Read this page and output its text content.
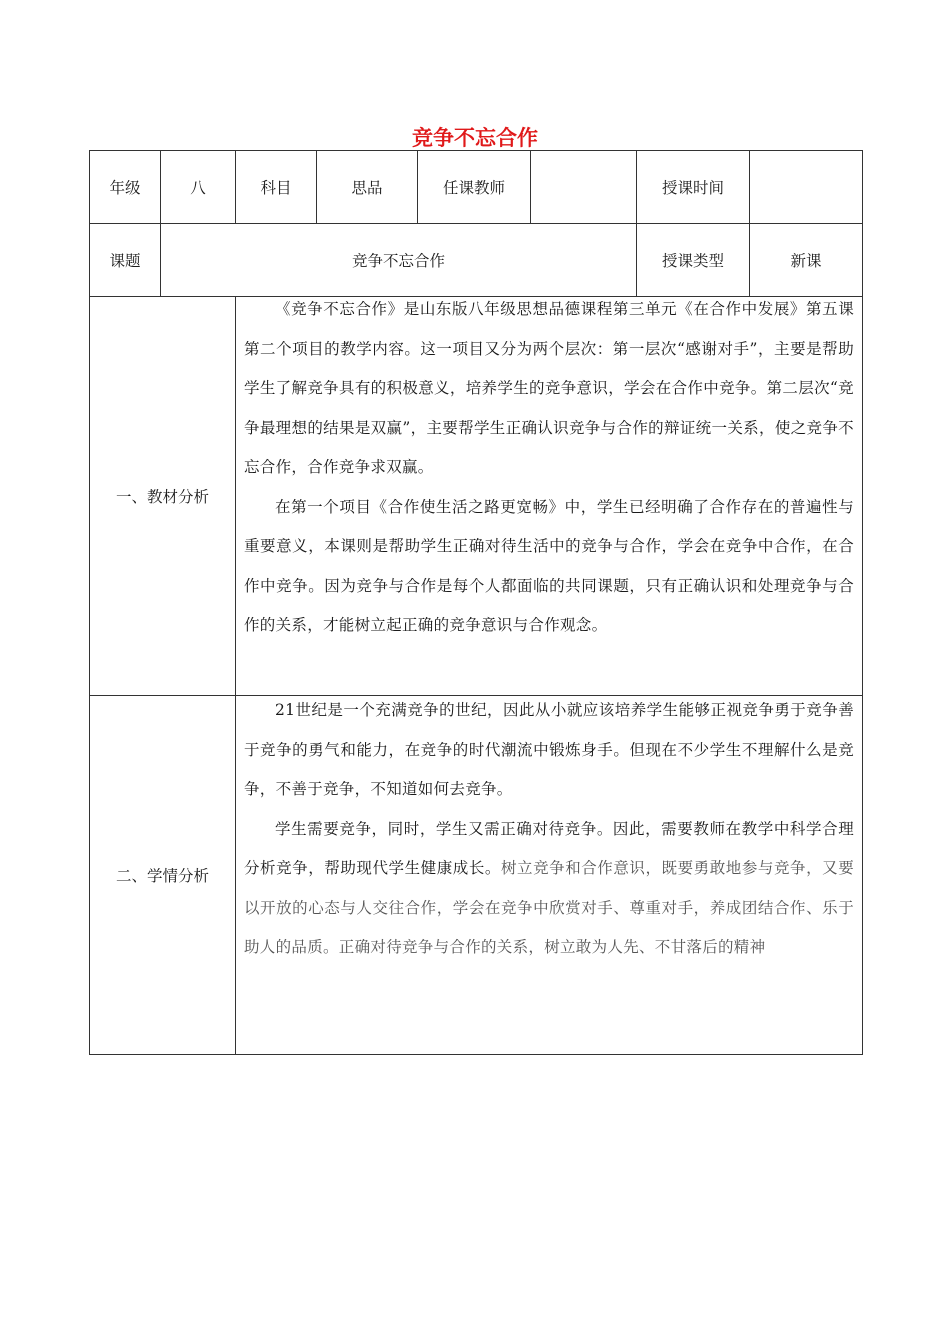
竞争不忘合作
年级	八	科目	思品	任课教师		授课时间	
课题	竞争不忘合作					授课类型	新课
一、教材分析		《竞争不忘合作》是山东版八年级思想品德课程第三单元《在合作中发展》第五课第二个项目的教学内容。这一项目又分为两个层次：第一层次“感谢对手”，主要是帮助学生了解竞争具有的积极意义，培养学生的竞争意识，学会在合作中竞争。第二层次“竞争最理想的结果是双赢”，主要帮学生正确认识竞争与合作的辩证统一关系，使之竞争不忘合作，合作竞争求双赢。

在第一个项目《合作使生活之路更宽畅》中，学生已经明确了合作存在的普遍性与重要意义，本课则是帮助学生正确对待生活中的竞争与合作，学会在竞争中合作，在合作中竞争。因为竞争与合作是每个人都面临的共同课题，只有正确认识和处理竞争与合作的关系，才能树立起正确的竞争意识与合作观念。					

二、学情分析		21世纪是一个充满竞争的世纪，因此从小就应该培养学生能够正视竞争勇于竞争善于竞争的勇气和能力，在竞争的时代潮流中锻炼身手。但现在不少学生不理解什么是竞争，不善于竞争，不知道如何去竞争。

学生需要竞争，同时，学生又需正确对待竞争。因此，需要教师在教学中科学合理分析竞争，帮助现代学生健康成长。树立竞争和合作意识，既要勇敢地参与竞争，又要以开放的心态与人交往合作，学会在竞争中欣赏对手、尊重对手，养成团结合作、乐于助人的品质。正确对待竞争与合作的关系，树立敢为人先、不甘落后的精神					
